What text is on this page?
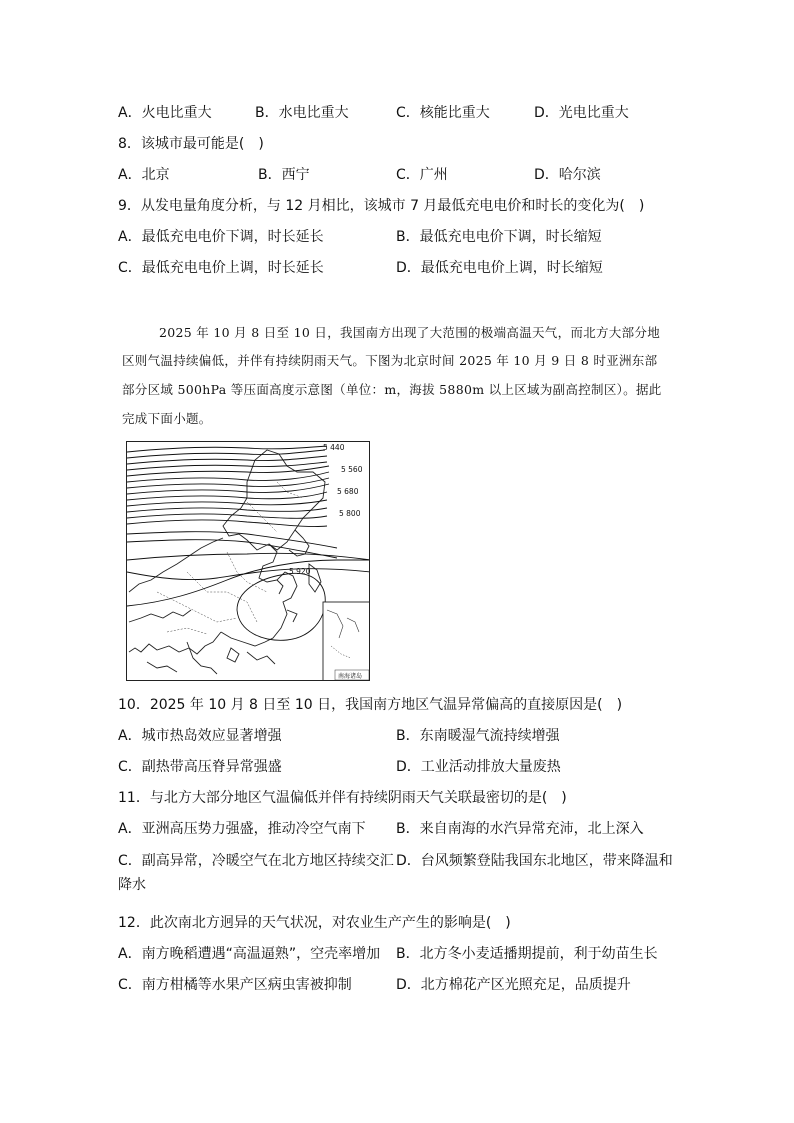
A．火电比重大	B．水电比重大	C．核能比重大	D．光电比重大
8．该城市最可能是(　)
A．北京	B．西宁	C．广州	D．哈尔滨
9．从发电量角度分析，与 12 月相比，该城市 7 月最低充电电价和时长的变化为(　)
A．最低充电电价下调，时长延长	B．最低充电电价下调，时长缩短
C．最低充电电价上调，时长延长	D．最低充电电价上调，时长缩短
2025 年 10 月 8 日至 10 日，我国南方出现了大范围的极端高温天气，而北方大部分地
区则气温持续偏低，并伴有持续阴雨天气。下图为北京时间 2025 年 10 月 9 日 8 时亚洲东部
部分区域 500hPa 等压面高度示意图（单位：m，海拔 5880m 以上区域为副高控制区）。据此
完成下面小题。
5 440
5 560
5 680
5 800
5 920
南海诸岛
10．2025 年 10 月 8 日至 10 日，我国南方地区气温异常偏高的直接原因是(　)
A．城市热岛效应显著增强	B．东南暖湿气流持续增强
C．副热带高压脊异常强盛	D．工业活动排放大量废热
11．与北方大部分地区气温偏低并伴有持续阴雨天气关联最密切的是(　)
A．亚洲高压势力强盛，推动冷空气南下 B．来自南海的水汽异常充沛，北上深入
C．副高异常，冷暖空气在北方地区持续交汇 D．台风频繁登陆我国东北地区，带来降温和
降水
12．此次南北方迥异的天气状况，对农业生产产生的影响是(　)
A．南方晚稻遭遇“高温逼熟”，空壳率增加 B．北方冬小麦适播期提前，利于幼苗生长
C．南方柑橘等水果产区病虫害被抑制	D．北方棉花产区光照充足，品质提升
